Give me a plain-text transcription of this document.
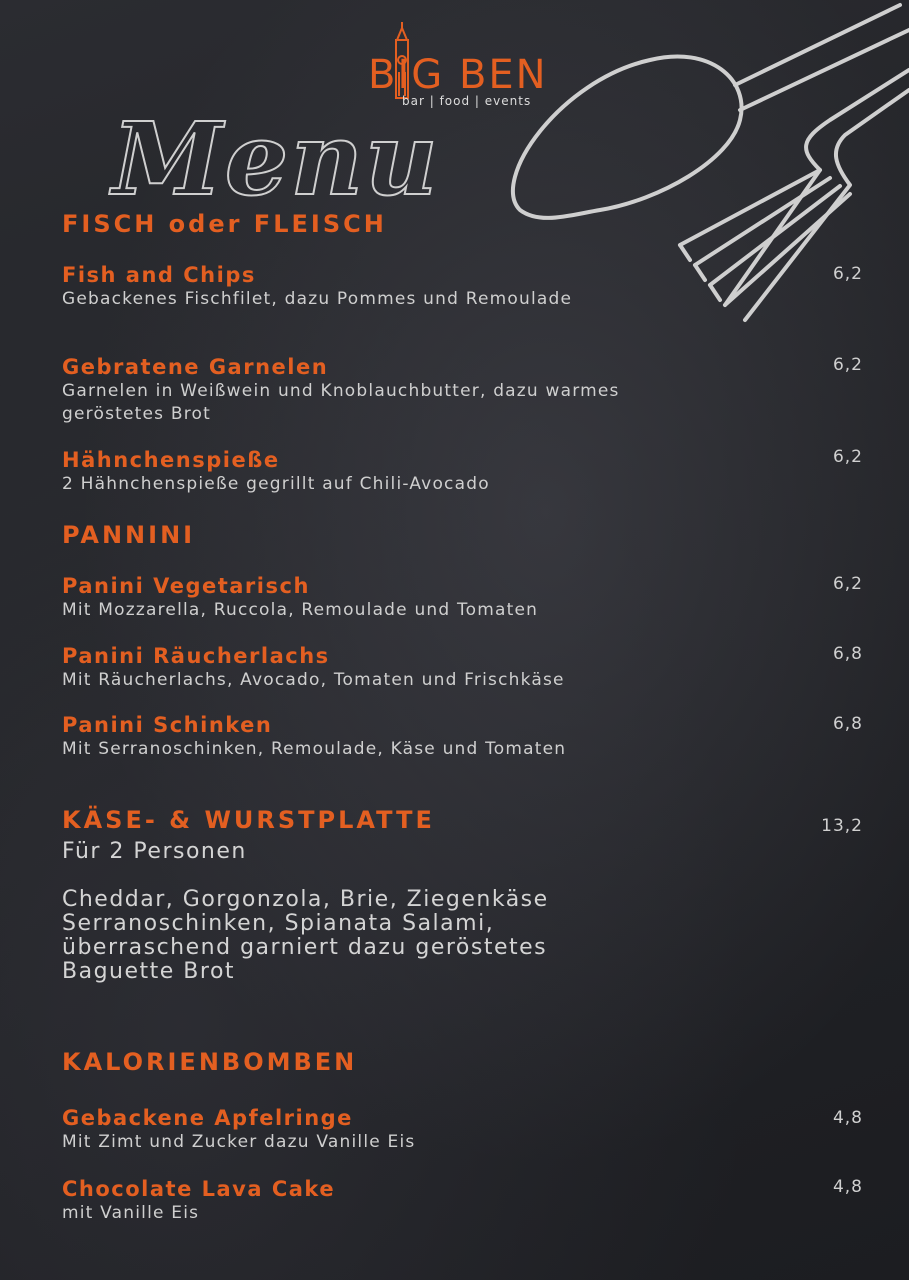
BIG BEN
bar | food | events
Menu
FISCH oder FLEISCH
Fish and Chips
Gebackenes Fischfilet, dazu Pommes und Remoulade
6,2
Gebratene Garnelen
Garnelen in Weißwein und Knoblauchbutter, dazu warmes geröstetes Brot
6,2
Hähnchenspieße
2 Hähnchenspieße gegrillt auf Chili-Avocado
6,2
PANNINI
Panini Vegetarisch
Mit Mozzarella, Ruccola, Remoulade und Tomaten
6,2
Panini Räucherlachs
Mit Räucherlachs, Avocado, Tomaten und Frischkäse
6,8
Panini Schinken
Mit Serranoschinken, Remoulade, Käse und Tomaten
6,8
KÄSE- & WURSTPLATTE	13,2
Für 2 Personen
Cheddar, Gorgonzola, Brie, Ziegenkäse Serranoschinken, Spianata Salami, überraschend garniert dazu geröstetes Baguette Brot
KALORIENBOMBEN
Gebackene Apfelringe
Mit Zimt und Zucker dazu Vanille Eis
4,8
Chocolate Lava Cake
mit Vanille Eis
4,8
